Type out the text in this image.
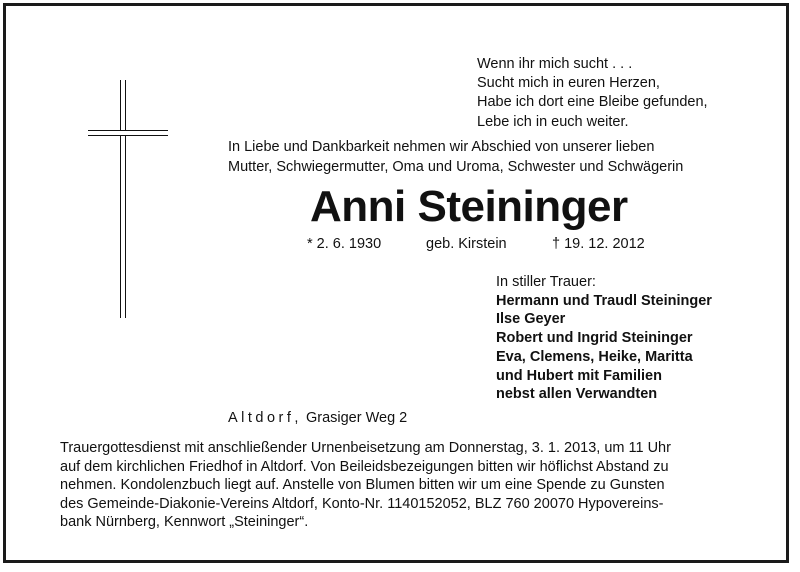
Wenn ihr mich sucht . . .
Sucht mich in euren Herzen,
Habe ich dort eine Bleibe gefunden,
Lebe ich in euch weiter.
In Liebe und Dankbarkeit nehmen wir Abschied von unserer lieben
Mutter, Schwiegermutter, Oma und Uroma, Schwester und Schwägerin
Anni Steininger
* 2. 6. 1930	geb. Kirstein	† 19. 12. 2012
In stiller Trauer:
Hermann und Traudl Steininger
Ilse Geyer
Robert und Ingrid Steininger
Eva, Clemens, Heike, Maritta
und Hubert mit Familien
nebst allen Verwandten
Altdorf, Grasiger Weg 2
Trauergottesdienst mit anschließender Urnenbeisetzung am Donnerstag, 3. 1. 2013, um 11 Uhr
auf dem kirchlichen Friedhof in Altdorf. Von Beileidsbezeigungen bitten wir höflichst Abstand zu
nehmen. Kondolenzbuch liegt auf. Anstelle von Blumen bitten wir um eine Spende zu Gunsten
des Gemeinde-Diakonie-Vereins Altdorf, Konto-Nr. 1140152052, BLZ 760 20070 Hypovereins-
bank Nürnberg, Kennwort „Steininger“.
